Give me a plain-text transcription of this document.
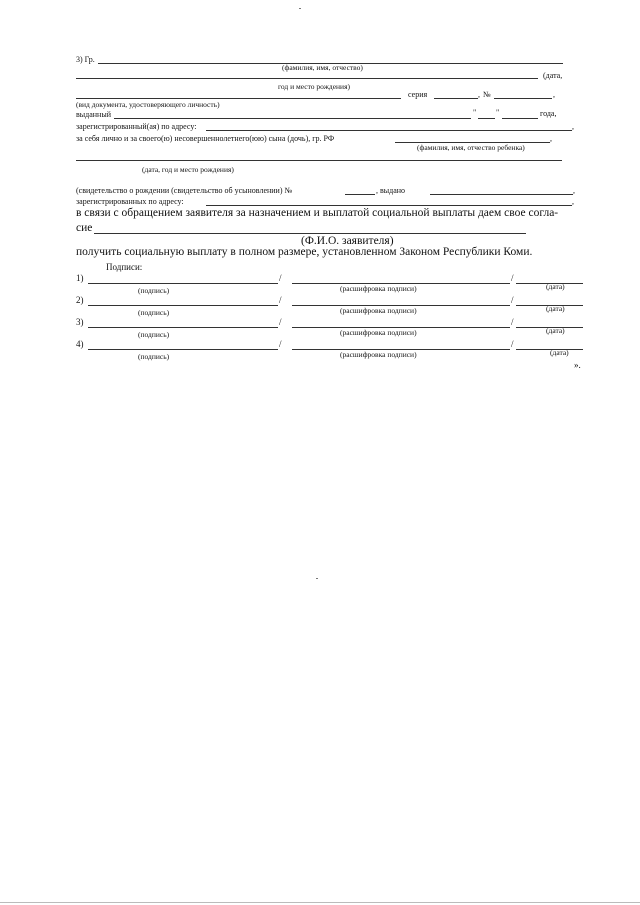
3) Гр.
(фамилия, имя, отчество)
(дата,
год и место рождения)
серия	, №	,
(вид документа, удостоверяющего личность)
выданный	" "	года,
зарегистрированный(ая) по адресу:	,
за себя лично и за своего(ю) несовершеннолетнего(юю) сына (дочь), гр. РФ	,
(фамилия, имя, отчество ребенка)
(дата, год и место рождения)
(свидетельство о рождении (свидетельство об усыновлении) №	, выдано	,
зарегистрированных по адресу:	,
в связи с обращением заявителя за назначением и выплатой социальной выплаты даем свое согла-
сие
(Ф.И.О. заявителя)
получить социальную выплату в полном размере, установленном Законом Республики Коми.
Подписи:
1)	/	/
(подпись)	(расшифровка подписи)	(дата)
2)	/	/
(подпись)	(расшифровка подписи)	(дата)
3)	/	/
(подпись)	(расшифровка подписи)	(дата)
4)	/	/
(подпись)	(расшифровка подписи)	(дата)
».
